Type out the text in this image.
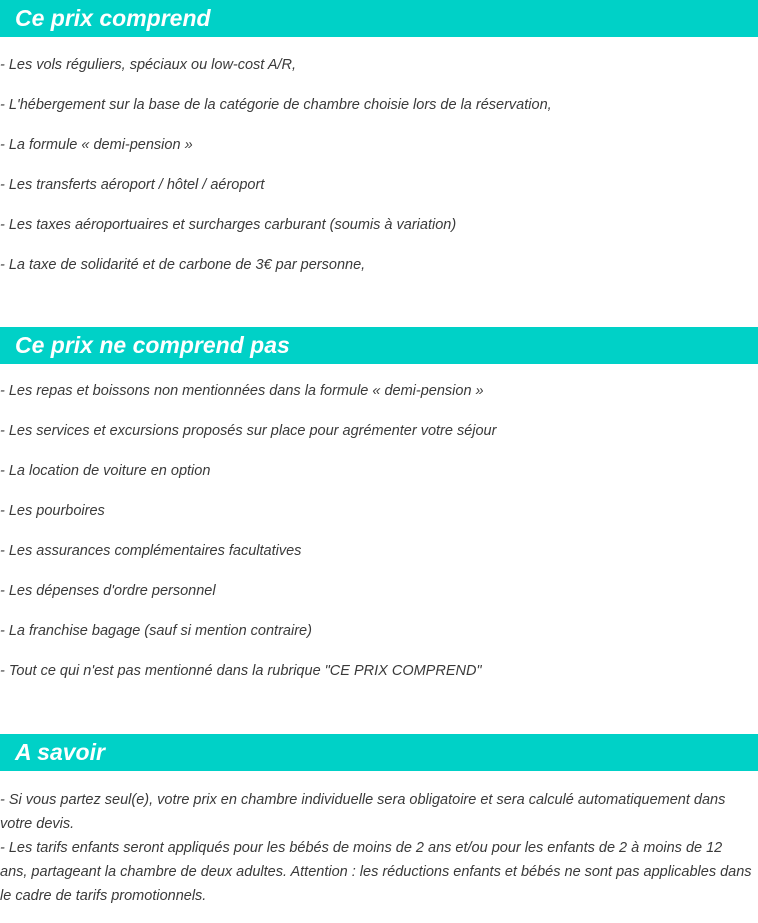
Ce prix comprend
- Les vols réguliers, spéciaux ou low-cost A/R,
- L'hébergement sur la base de la catégorie de chambre choisie lors de la réservation,
- La formule « demi-pension »
- Les transferts aéroport / hôtel / aéroport
- Les taxes aéroportuaires et surcharges carburant (soumis à variation)
- La taxe de solidarité et de carbone de 3€ par personne,
Ce prix ne comprend pas
- Les repas et boissons non mentionnées dans la formule « demi-pension »
- Les services et excursions proposés sur place pour agrémenter votre séjour
- La location de voiture en option
- Les pourboires
- Les assurances complémentaires facultatives
- Les dépenses d'ordre personnel
- La franchise bagage (sauf si mention contraire)
- Tout ce qui n'est pas mentionné dans la rubrique "CE PRIX COMPREND"
A savoir

- Si vous partez seul(e), votre prix en chambre individuelle sera obligatoire et sera calculé automatiquement dans votre devis.

- Les tarifs enfants seront appliqués pour les bébés de moins de 2 ans et/ou pour les enfants de 2 à moins de 12 ans, partageant la chambre de deux adultes. Attention : les réductions enfants et bébés ne sont pas applicables dans le cadre de tarifs promotionnels.
